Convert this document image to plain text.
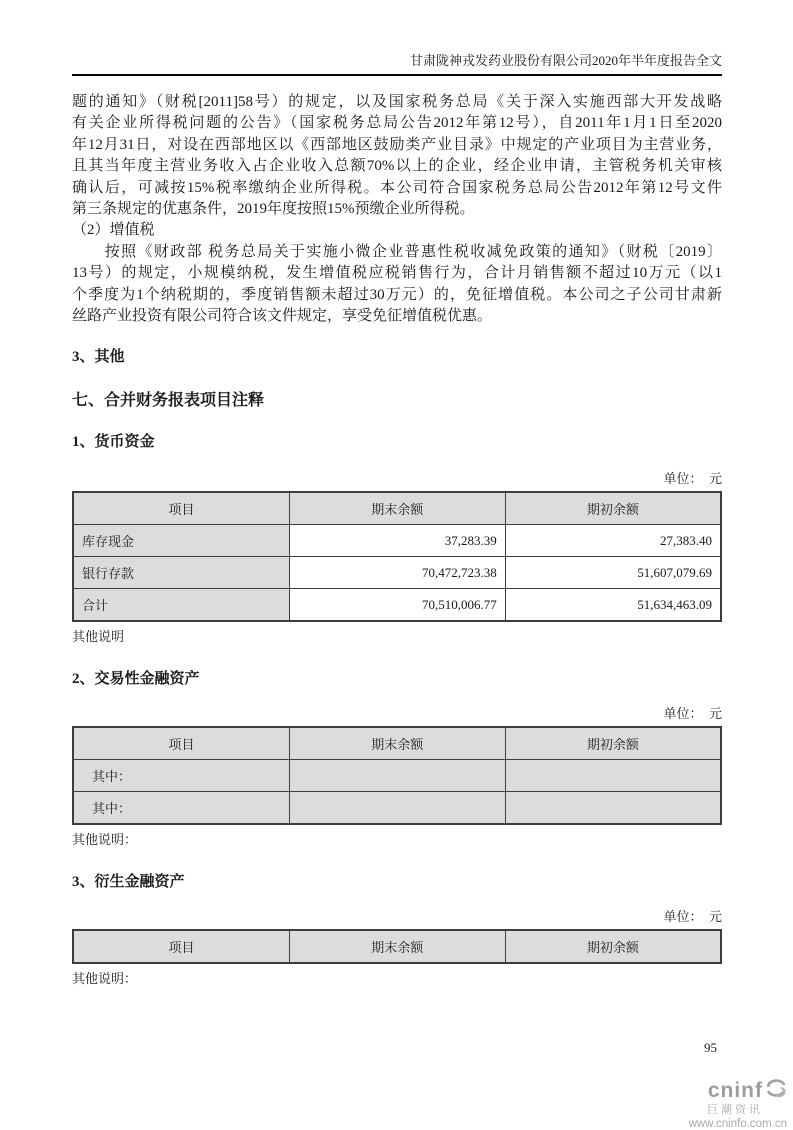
甘肃陇神戎发药业股份有限公司2020年半年度报告全文
题的通知》（财税[2011]58号）的规定，以及国家税务总局《关于深入实施西部大开发战略
有关企业所得税问题的公告》（国家税务总局公告2012年第12号），自2011年1月1日至2020
年12月31日，对设在西部地区以《西部地区鼓励类产业目录》中规定的产业项目为主营业务，
且其当年度主营业务收入占企业收入总额70%以上的企业，经企业申请，主管税务机关审核
确认后，可减按15%税率缴纳企业所得税。本公司符合国家税务总局公告2012年第12号文件
第三条规定的优惠条件，2019年度按照15%预缴企业所得税。
（2）增值税
　　按照《财政部 税务总局关于实施小微企业普惠性税收减免政策的通知》（财税〔2019〕
13号）的规定，小规模纳税，发生增值税应税销售行为，合计月销售额不超过10万元（以1
个季度为1个纳税期的，季度销售额未超过30万元）的，免征增值税。本公司之子公司甘肃新
丝路产业投资有限公司符合该文件规定，享受免征增值税优惠。
3、其他
七、合并财务报表项目注释
1、货币资金
单位：　元
项目	期末余额	期初余额
库存现金	37,283.39	27,383.40
银行存款	70,472,723.38	51,607,079.69
合计	70,510,006.77	51,634,463.09
其他说明
2、交易性金融资产
单位：　元
项目	期末余额	期初余额
其中：		
其中：		
其他说明：
3、衍生金融资产
单位：　元
项目	期末余额	期初余额
其他说明：
95
cninf
巨潮资讯
www.cninfo.com.cn
